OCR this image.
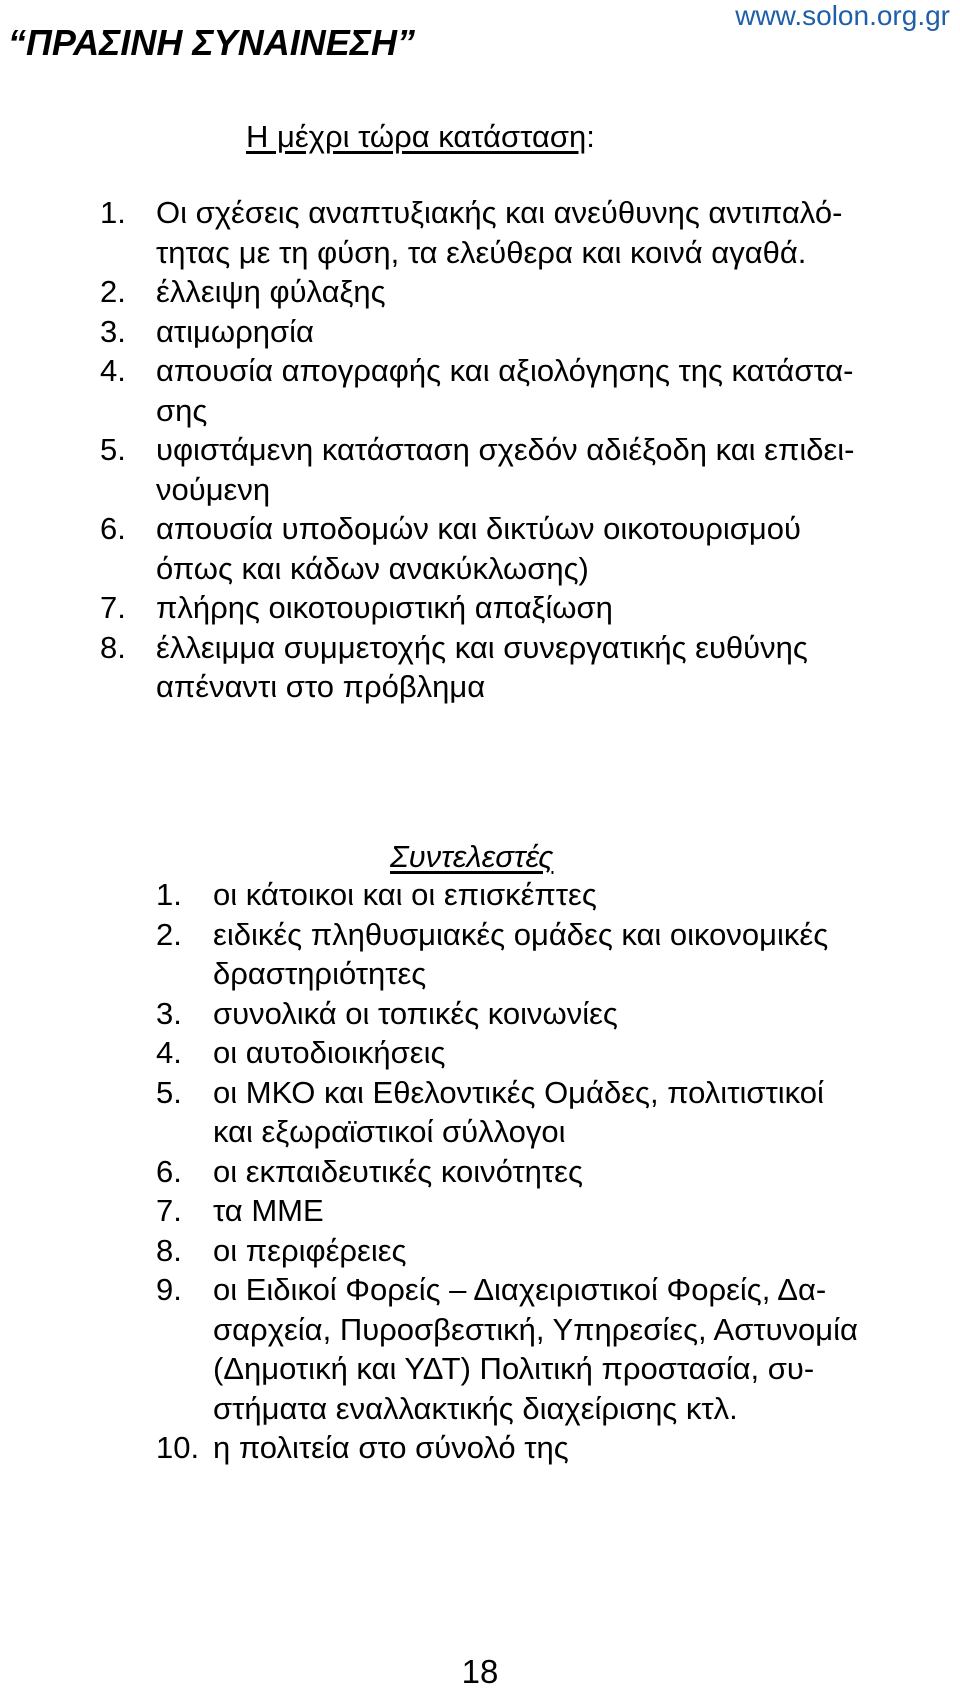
“ΠΡΑΣΙΝΗ ΣΥΝΑΙΝΕΣΗ”
www.solon.org.gr
Η μέχρι τώρα κατάσταση:
1. Οι σχέσεις αναπτυξιακής και ανεύθυνης αντιπαλό-
τητας με τη φύση, τα ελεύθερα και κοινά αγαθά.
2. έλλειψη φύλαξης
3. ατιμωρησία
4. απουσία απογραφής και αξιολόγησης της κατάστα-
σης
5. υφιστάμενη κατάσταση σχεδόν αδιέξοδη και επιδει-
νούμενη
6. απουσία υποδομών και δικτύων οικοτουρισμού
όπως και κάδων ανακύκλωσης)
7. πλήρης οικοτουριστική απαξίωση
8. έλλειμμα συμμετοχής και συνεργατικής ευθύνης
απέναντι στο πρόβλημα
Συντελεστές
1. οι κάτοικοι και οι επισκέπτες
2. ειδικές πληθυσμιακές ομάδες και οικονομικές
δραστηριότητες
3. συνολικά οι τοπικές κοινωνίες
4. οι αυτοδιοικήσεις
5. οι ΜΚΟ και Εθελοντικές Ομάδες, πολιτιστικοί
και εξωραϊστικοί σύλλογοι
6. οι εκπαιδευτικές κοινότητες
7. τα ΜΜΕ
8. οι περιφέρειες
9. οι Ειδικοί Φορείς – Διαχειριστικοί Φορείς, Δα-
σαρχεία, Πυροσβεστική, Υπηρεσίες, Αστυνομία
(Δημοτική και ΥΔΤ) Πολιτική προστασία, συ-
στήματα εναλλακτικής διαχείρισης κτλ.
10. η πολιτεία στο σύνολό της
18
